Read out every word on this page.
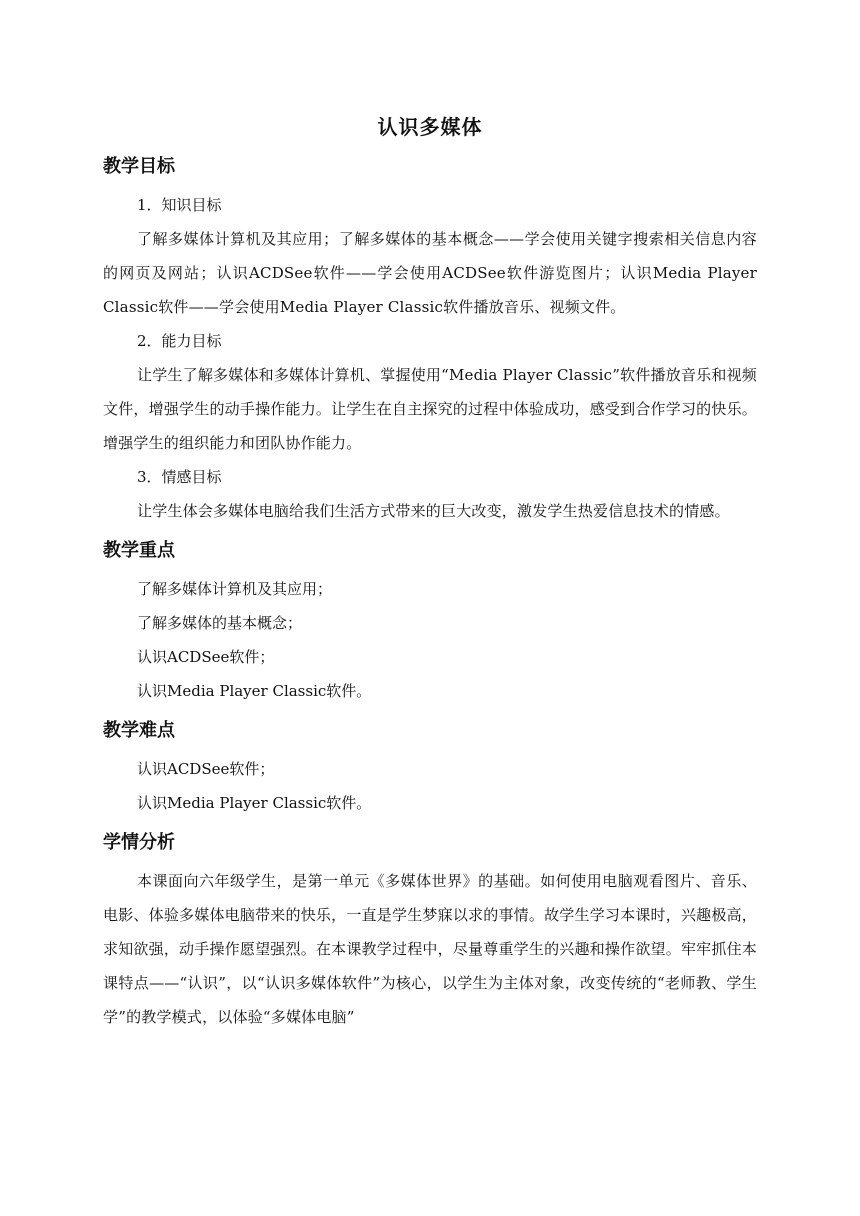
认识多媒体
教学目标
1．知识目标
了解多媒体计算机及其应用；了解多媒体的基本概念——学会使用关键字搜索相关信息内容的网页及网站；认识ACDSee软件——学会使用ACDSee软件游览图片；认识Media Player Classic软件——学会使用Media Player Classic软件播放音乐、视频文件。
2．能力目标
让学生了解多媒体和多媒体计算机、掌握使用“Media Player Classic”软件播放音乐和视频文件，增强学生的动手操作能力。让学生在自主探究的过程中体验成功，感受到合作学习的快乐。增强学生的组织能力和团队协作能力。
3．情感目标
让学生体会多媒体电脑给我们生活方式带来的巨大改变，激发学生热爱信息技术的情感。
教学重点
了解多媒体计算机及其应用；
了解多媒体的基本概念；
认识ACDSee软件；
认识Media Player Classic软件。
教学难点
认识ACDSee软件；
认识Media Player Classic软件。
学情分析
本课面向六年级学生，是第一单元《多媒体世界》的基础。如何使用电脑观看图片、音乐、电影、体验多媒体电脑带来的快乐，一直是学生梦寐以求的事情。故学生学习本课时，兴趣极高，求知欲强，动手操作愿望强烈。在本课教学过程中，尽量尊重学生的兴趣和操作欲望。牢牢抓住本课特点——“认识”，以“认识多媒体软件”为核心，以学生为主体对象，改变传统的“老师教、学生学”的教学模式，以体验“多媒体电脑”
